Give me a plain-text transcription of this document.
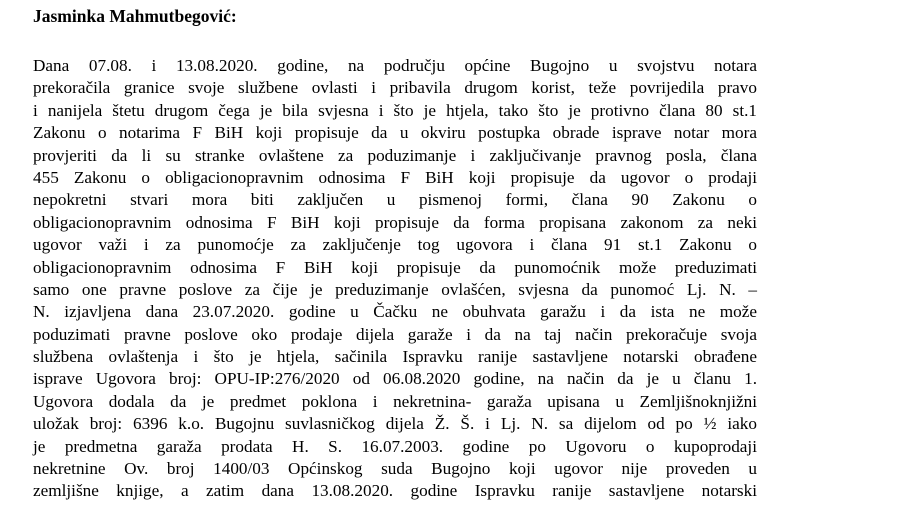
Jasminka Mahmutbegović:

Dana 07.08. i 13.08.2020. godine, na području općine Bugojno u svojstvu notara
prekoračila granice svoje službene ovlasti i pribavila drugom korist, teže povrijedila pravo
i nanijela štetu drugom čega je bila svjesna i što je htjela, tako što je protivno člana 80 st.1
Zakonu o notarima F BiH koji propisuje da u okviru postupka obrade isprave notar mora
provjeriti da li su stranke ovlaštene za poduzimanje i zaključivanje pravnog posla, člana
455 Zakonu o obligacionopravnim odnosima F BiH koji propisuje da ugovor o prodaji
nepokretni stvari mora biti zaključen u pismenoj formi, člana 90 Zakonu o
obligacionopravnim odnosima F BiH koji propisuje da forma propisana zakonom za neki
ugovor važi i za punomoćje za zaključenje tog ugovora i člana 91 st.1 Zakonu o
obligacionopravnim odnosima F BiH koji propisuje da punomoćnik može preduzimati
samo one pravne poslove za čije je preduzimanje ovlašćen, svjesna da punomoć Lj. N. –
N. izjavljena dana 23.07.2020. godine u Čačku ne obuhvata garažu i da ista ne može
poduzimati pravne poslove oko prodaje dijela garaže i da na taj način prekoračuje svoja
službena ovlaštenja i što je htjela, sačinila Ispravku ranije sastavljene notarski obrađene
isprave Ugovora broj: OPU-IP:276/2020 od 06.08.2020 godine, na način da je u članu 1.
Ugovora dodala da je predmet poklona i nekretnina- garaža upisana u Zemljišnoknjižni
uložak broj: 6396 k.o. Bugojnu suvlasničkog dijela Ž. Š. i Lj. N. sa dijelom od po ½ iako
je predmetna garaža prodata H. S. 16.07.2003. godine po Ugovoru o kupoprodaji
nekretnine Ov. broj 1400/03 Općinskog suda Bugojno koji ugovor nije proveden u
zemljišne knjige, a zatim dana 13.08.2020. godine Ispravku ranije sastavljene notarski
